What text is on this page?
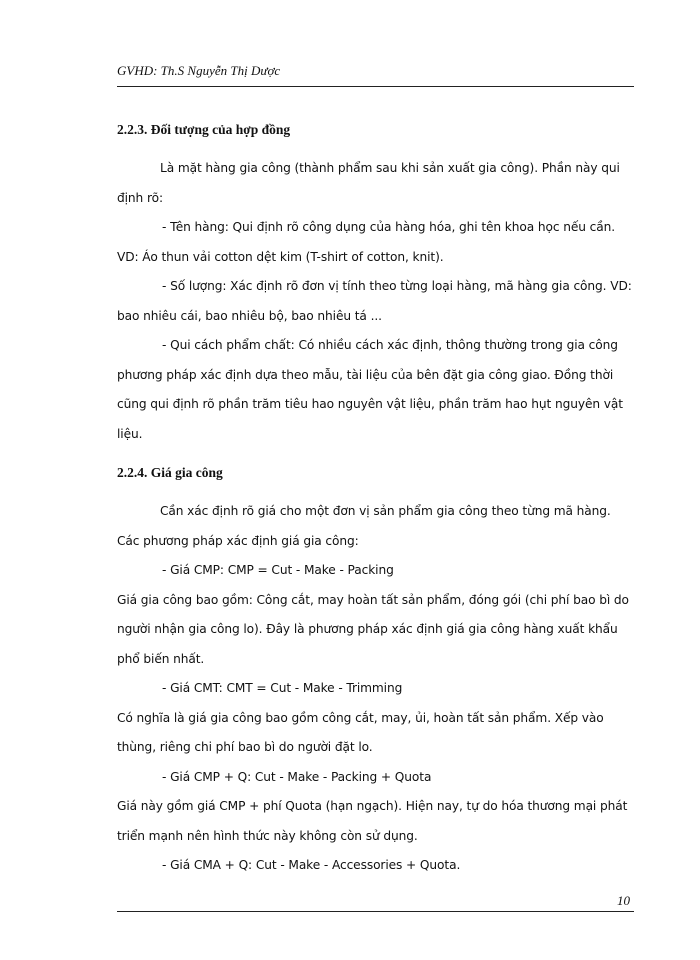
GVHD: Th.S Nguyễn Thị Dược
2.2.3. Đối tượng của hợp đồng

Là mặt hàng gia công (thành phẩm sau khi sản xuất gia công). Phần này qui định rõ:

- Tên hàng: Qui định rõ công dụng của hàng hóa, ghi tên khoa học nếu cần. VD: Áo thun vải cotton dệt kim (T-shirt of cotton, knit).

- Số lượng: Xác định rõ đơn vị tính theo từng loại hàng, mã hàng gia công. VD: bao nhiêu cái, bao nhiêu bộ, bao nhiêu tá ...

- Qui cách phẩm chất: Có nhiều cách xác định, thông thường trong gia công phương pháp xác định dựa theo mẫu, tài liệu của bên đặt gia công giao. Đồng thời cũng qui định rõ phần trăm tiêu hao nguyên vật liệu, phần trăm hao hụt nguyên vật liệu.

2.2.4. Giá gia công

Cần xác định rõ giá cho một đơn vị sản phẩm gia công theo từng mã hàng. Các phương pháp xác định giá gia công:

- Giá CMP: CMP = Cut - Make - Packing

Giá gia công bao gồm: Công cắt, may hoàn tất sản phẩm, đóng gói (chi phí bao bì do người nhận gia công lo). Đây là phương pháp xác định giá gia công hàng xuất khẩu phổ biến nhất.

- Giá CMT: CMT = Cut - Make - Trimming

Có nghĩa là giá gia công bao gồm công cắt, may, ủi, hoàn tất sản phẩm. Xếp vào thùng, riêng chi phí bao bì do người đặt lo.

- Giá CMP + Q: Cut - Make - Packing + Quota

Giá này gồm giá CMP + phí Quota (hạn ngạch). Hiện nay, tự do hóa thương mại phát triển mạnh nên hình thức này không còn sử dụng.

- Giá CMA + Q: Cut - Make - Accessories + Quota.

10
